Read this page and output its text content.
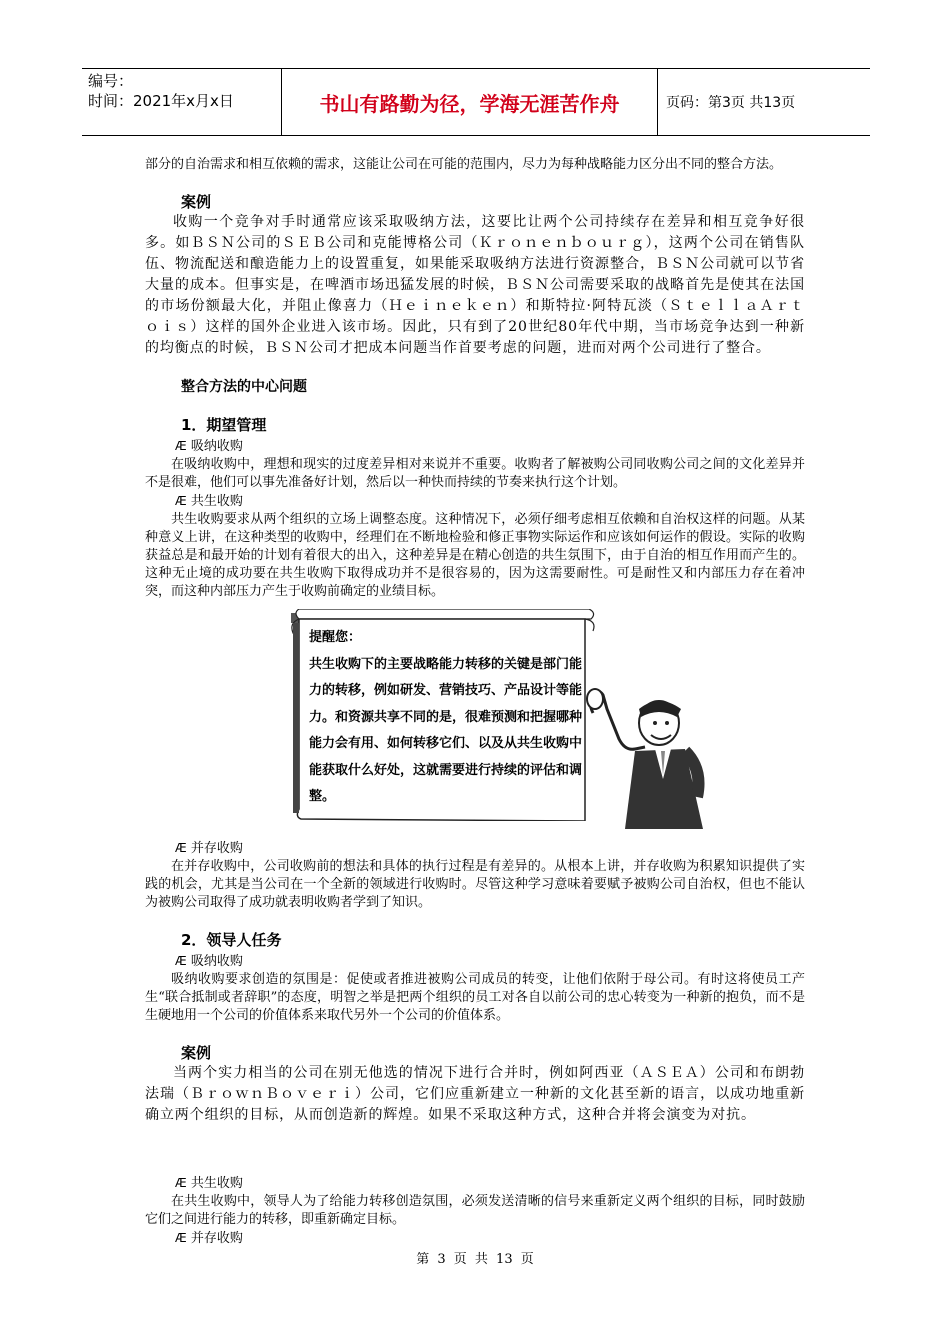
编号：
时间：2021年x月x日	书山有路勤为径，学海无涯苦作舟	页码：第3页 共13页

部分的自治需求和相互依赖的需求，这能让公司在可能的范围内，尽力为每种战略能力区分出不同的整合方法。

案例

收购一个竞争对手时通常应该采取吸纳方法，这要比让两个公司持续存在差异和相互竞争好很多。如ＢＳＮ公司的ＳＥＢ公司和克能博格公司（Ｋｒｏｎｅｎｂｏｕｒｇ），这两个公司在销售队伍、物流配送和酿造能力上的设置重复，如果能采取吸纳方法进行资源整合，ＢＳＮ公司就可以节省大量的成本。但事实是，在啤酒市场迅猛发展的时候，ＢＳＮ公司需要采取的战略首先是使其在法国的市场份额最大化，并阻止像喜力（Ｈｅｉｎｅｋｅｎ）和斯特拉·阿特瓦淡（ＳｔｅｌｌａＡｒｔｏｉｓ）这样的国外企业进入该市场。因此，只有到了20世纪80年代中期，当市场竞争达到一种新的均衡点的时候，ＢＳＮ公司才把成本问题当作首要考虑的问题，进而对两个公司进行了整合。

整合方法的中心问题
1．期望管理
Æ 吸纳收购

在吸纳收购中，理想和现实的过度差异相对来说并不重要。收购者了解被购公司同收购公司之间的文化差异并不是很难，他们可以事先准备好计划，然后以一种快而持续的节奏来执行这个计划。

Æ 共生收购

共生收购要求从两个组织的立场上调整态度。这种情况下，必须仔细考虑相互依赖和自治权这样的问题。从某种意义上讲，在这种类型的收购中，经理们在不断地检验和修正事物实际运作和应该如何运作的假设。实际的收购获益总是和最开始的计划有着很大的出入，这种差异是在精心创造的共生氛围下，由于自治的相互作用而产生的。这种无止境的成功要在共生收购下取得成功并不是很容易的，因为这需要耐性。可是耐性又和内部压力存在着冲突，而这种内部压力产生于收购前确定的业绩目标。

提醒您：
共生收购下的主要战略能力转移的关键是部门能力的转移，例如研发、营销技巧、产品设计等能力。和资源共享不同的是，很难预测和把握哪种能力会有用、如何转移它们、以及从共生收购中能获取什么好处，这就需要进行持续的评估和调整。
Æ 并存收购

在并存收购中，公司收购前的想法和具体的执行过程是有差异的。从根本上讲，并存收购为积累知识提供了实践的机会，尤其是当公司在一个全新的领域进行收购时。尽管这种学习意味着要赋予被购公司自治权，但也不能认为被购公司取得了成功就表明收购者学到了知识。

2．领导人任务
Æ 吸纳收购

吸纳收购要求创造的氛围是：促使或者推进被购公司成员的转变，让他们依附于母公司。有时这将使员工产生“联合抵制或者辞职”的态度，明智之举是把两个组织的员工对各自以前公司的忠心转变为一种新的抱负，而不是生硬地用一个公司的价值体系来取代另外一个公司的价值体系。

案例

当两个实力相当的公司在别无他选的情况下进行合并时，例如阿西亚（ＡＳＥＡ）公司和布朗勃法瑞（ＢｒｏｗｎＢｏｖｅｒｉ）公司，它们应重新建立一种新的文化甚至新的语言，以成功地重新确立两个组织的目标，从而创造新的辉煌。如果不采取这种方式，这种合并将会演变为对抗。

Æ 共生收购

在共生收购中，领导人为了给能力转移创造氛围，必须发送清晰的信号来重新定义两个组织的目标，同时鼓励它们之间进行能力的转移，即重新确定目标。

Æ 并存收购
第 3 页 共 13 页
